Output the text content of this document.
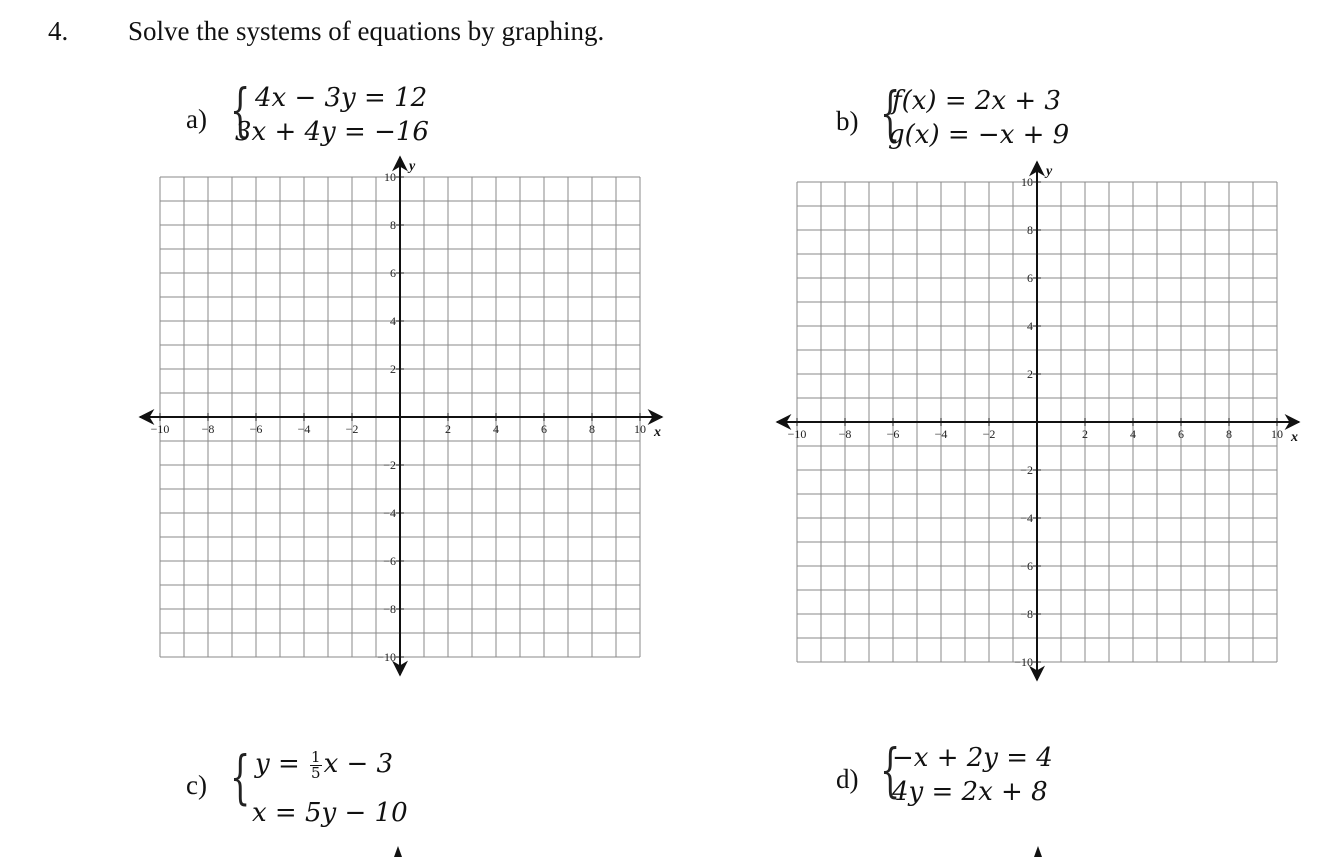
4. Solve the systems of equations by graphing.
a) { 4x − 3y = 12
3x + 4y = −16	b) {
f(x) = 2x + 3
g(x) = −x + 9
c) { $y = \frac{1}{5}$ x − 3
x = 5y − 10
d) {
−x + 2y = 4
4y = 2x + 8
−10	−8	−6	−4	−2	2	4	6	8	10
10
8
6
4
2
−2
−4
−6
−8
−10
x
y
−10	−8	−6	−4	−2	2	4	6	8	10
10
8
6
4
2
−2
−4
−6
−8
−10
x
y
